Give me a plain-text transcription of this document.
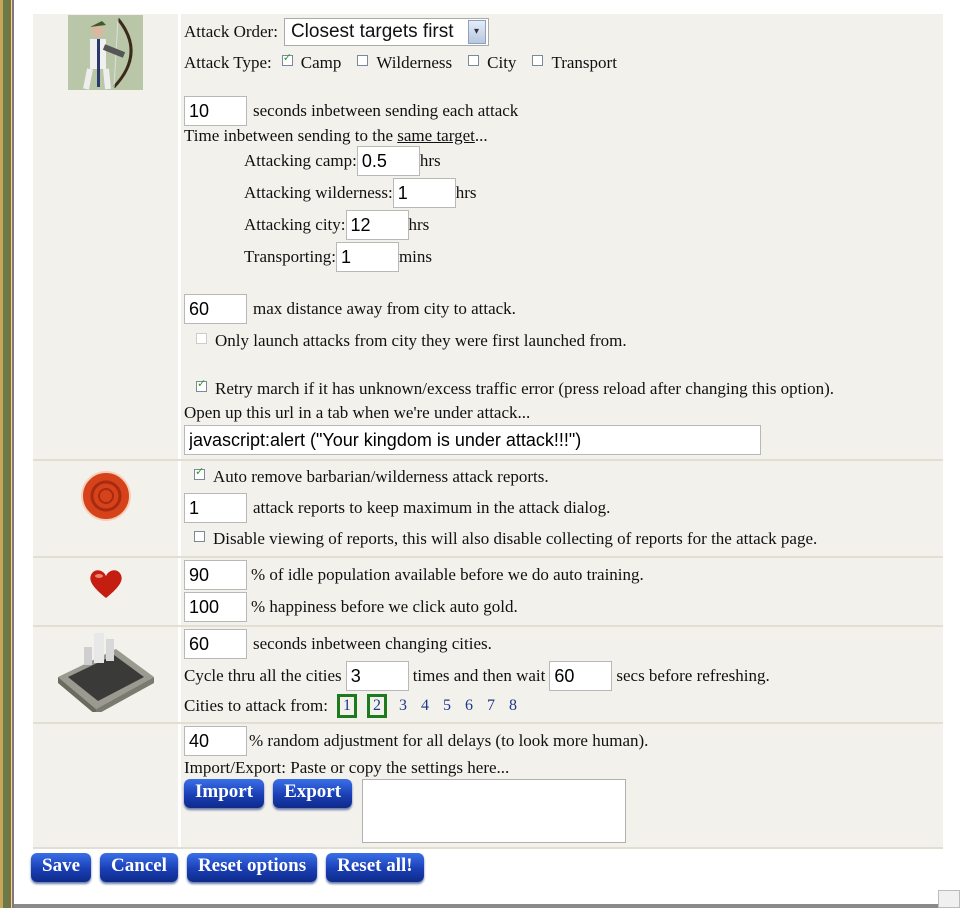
Attack Order: Closest targets first	▾
Attack Type: ✓ Camp Wilderness City Transport
10
seconds inbetween sending each attack
Time inbetween sending to the same target ...
Attacking camp:
0.5	hrs
Attacking wilderness:
1	hrs
Attacking city:
12	hrs
Transporting:
1	mins
60
max distance away from city to attack.
Only launch attacks from city they were first launched from.
✓
Retry march if it has unknown/excess traffic error (press reload after changing this option).
Open up this url in a tab when we're under attack...
javascript:alert ("Your kingdom is under attack!!!")
✓
Auto remove barbarian/wilderness attack reports.
1
attack reports to keep maximum in the attack dialog.
Disable viewing of reports, this will also disable collecting of reports for the attack page.
90
% of idle population available before we do auto training.
100
% happiness before we click auto gold.
60
seconds inbetween changing cities.
Cycle thru all the cities
3	times and then wait
60	secs before refreshing.
Cities to attack from: 1	2	3 4 5 6 7 8
40
% random adjustment for all delays (to look more human).
Import/Export: Paste or copy the settings here...
Import	Export
Save	Cancel	Reset options	Reset all!
